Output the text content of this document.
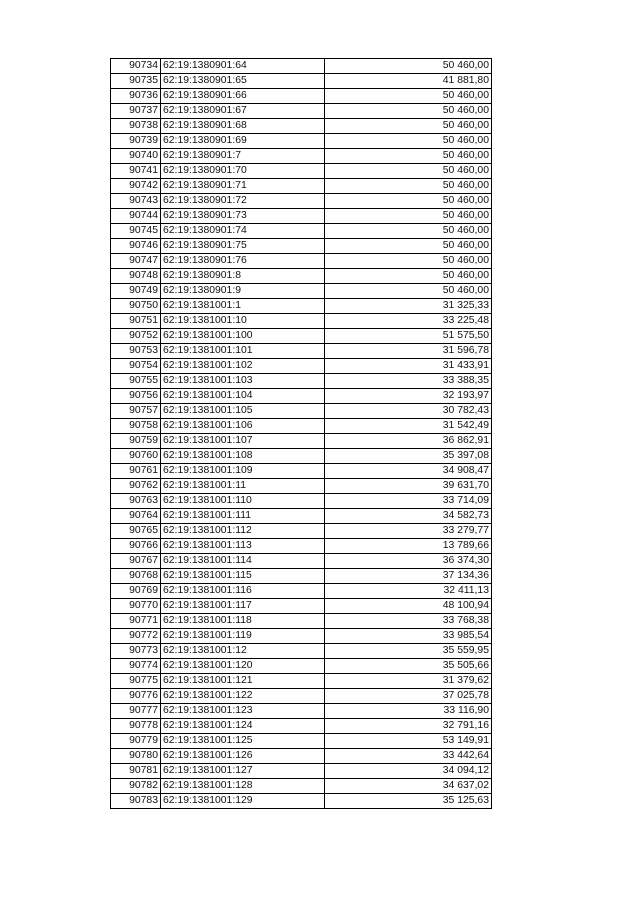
90734	62:19:1380901:64	50 460,00
90735	62:19:1380901:65	41 881,80
90736	62:19:1380901:66	50 460,00
90737	62:19:1380901:67	50 460,00
90738	62:19:1380901:68	50 460,00
90739	62:19:1380901:69	50 460,00
90740	62:19:1380901:7	50 460,00
90741	62:19:1380901:70	50 460,00
90742	62:19:1380901:71	50 460,00
90743	62:19:1380901:72	50 460,00
90744	62:19:1380901:73	50 460,00
90745	62:19:1380901:74	50 460,00
90746	62:19:1380901:75	50 460,00
90747	62:19:1380901:76	50 460,00
90748	62:19:1380901:8	50 460,00
90749	62:19:1380901:9	50 460,00
90750	62:19:1381001:1	31 325,33
90751	62:19:1381001:10	33 225,48
90752	62:19:1381001:100	51 575,50
90753	62:19:1381001:101	31 596,78
90754	62:19:1381001:102	31 433,91
90755	62:19:1381001:103	33 388,35
90756	62:19:1381001:104	32 193,97
90757	62:19:1381001:105	30 782,43
90758	62:19:1381001:106	31 542,49
90759	62:19:1381001:107	36 862,91
90760	62:19:1381001:108	35 397,08
90761	62:19:1381001:109	34 908,47
90762	62:19:1381001:11	39 631,70
90763	62:19:1381001:110	33 714,09
90764	62:19:1381001:111	34 582,73
90765	62:19:1381001:112	33 279,77
90766	62:19:1381001:113	13 789,66
90767	62:19:1381001:114	36 374,30
90768	62:19:1381001:115	37 134,36
90769	62:19:1381001:116	32 411,13
90770	62:19:1381001:117	48 100,94
90771	62:19:1381001:118	33 768,38
90772	62:19:1381001:119	33 985,54
90773	62:19:1381001:12	35 559,95
90774	62:19:1381001:120	35 505,66
90775	62:19:1381001:121	31 379,62
90776	62:19:1381001:122	37 025,78
90777	62:19:1381001:123	33 116,90
90778	62:19:1381001:124	32 791,16
90779	62:19:1381001:125	53 149,91
90780	62:19:1381001:126	33 442,64
90781	62:19:1381001:127	34 094,12
90782	62:19:1381001:128	34 637,02
90783	62:19:1381001:129	35 125,63
